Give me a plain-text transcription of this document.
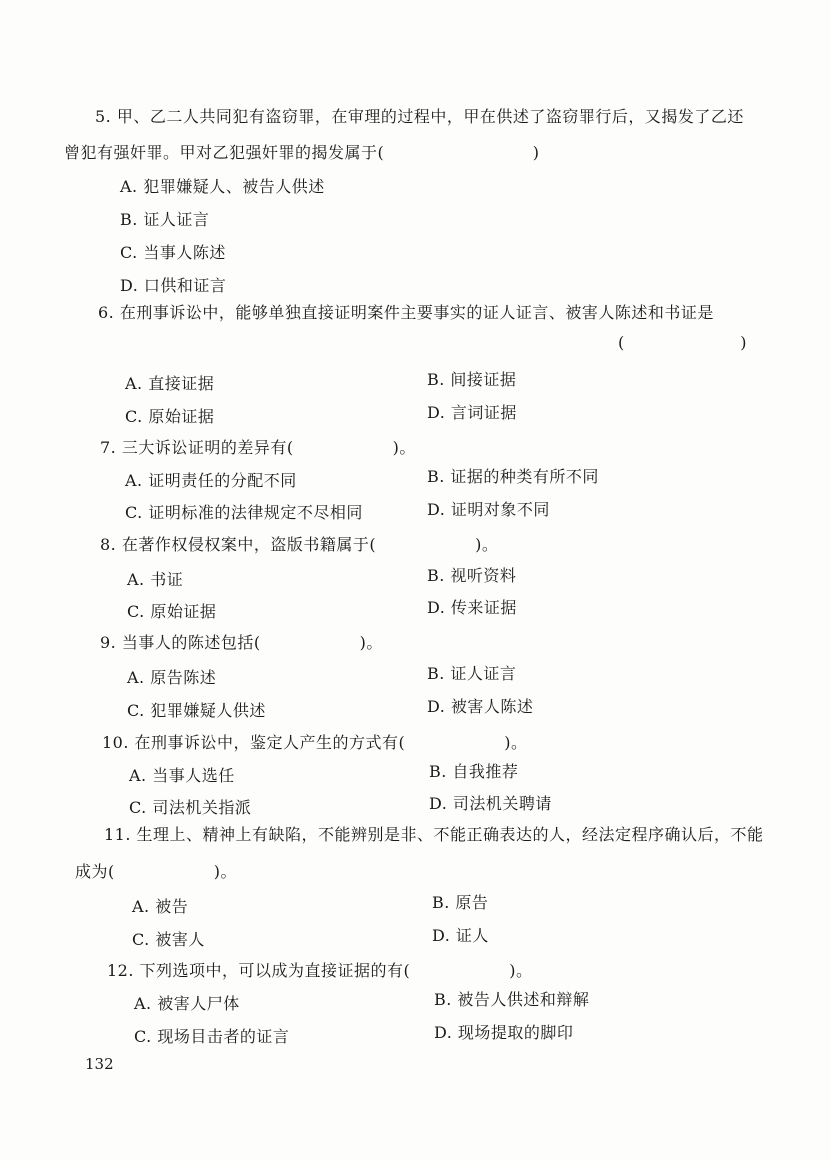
5. 甲、乙二人共同犯有盗窃罪，在审理的过程中，甲在供述了盗窃罪行后，又揭发了乙还
曾犯有强奸罪。甲对乙犯强奸罪的揭发属于(　　　　　　　　　)
A. 犯罪嫌疑人、被告人供述
B. 证人证言
C. 当事人陈述
D. 口供和证言
6. 在刑事诉讼中，能够单独直接证明案件主要事实的证人证言、被害人陈述和书证是
(　　　　　　　)
A. 直接证据	B. 间接证据
C. 原始证据	D. 言词证据
7. 三大诉讼证明的差异有(　　　　　　)。
A. 证明责任的分配不同	B. 证据的种类有所不同
C. 证明标准的法律规定不尽相同	D. 证明对象不同
8. 在著作权侵权案中，盗版书籍属于(　　　　　　)。
A. 书证	B. 视听资料
C. 原始证据	D. 传来证据
9. 当事人的陈述包括(　　　　　　)。
A. 原告陈述	B. 证人证言
C. 犯罪嫌疑人供述	D. 被害人陈述
10. 在刑事诉讼中，鉴定人产生的方式有(　　　　　　)。
A. 当事人选任	B. 自我推荐
C. 司法机关指派	D. 司法机关聘请
11. 生理上、精神上有缺陷，不能辨别是非、不能正确表达的人，经法定程序确认后，不能
成为(　　　　　　)。
A. 被告	B. 原告
C. 被害人	D. 证人
12. 下列选项中，可以成为直接证据的有(　　　　　　)。
A. 被害人尸体	B. 被告人供述和辩解
C. 现场目击者的证言	D. 现场提取的脚印
132
